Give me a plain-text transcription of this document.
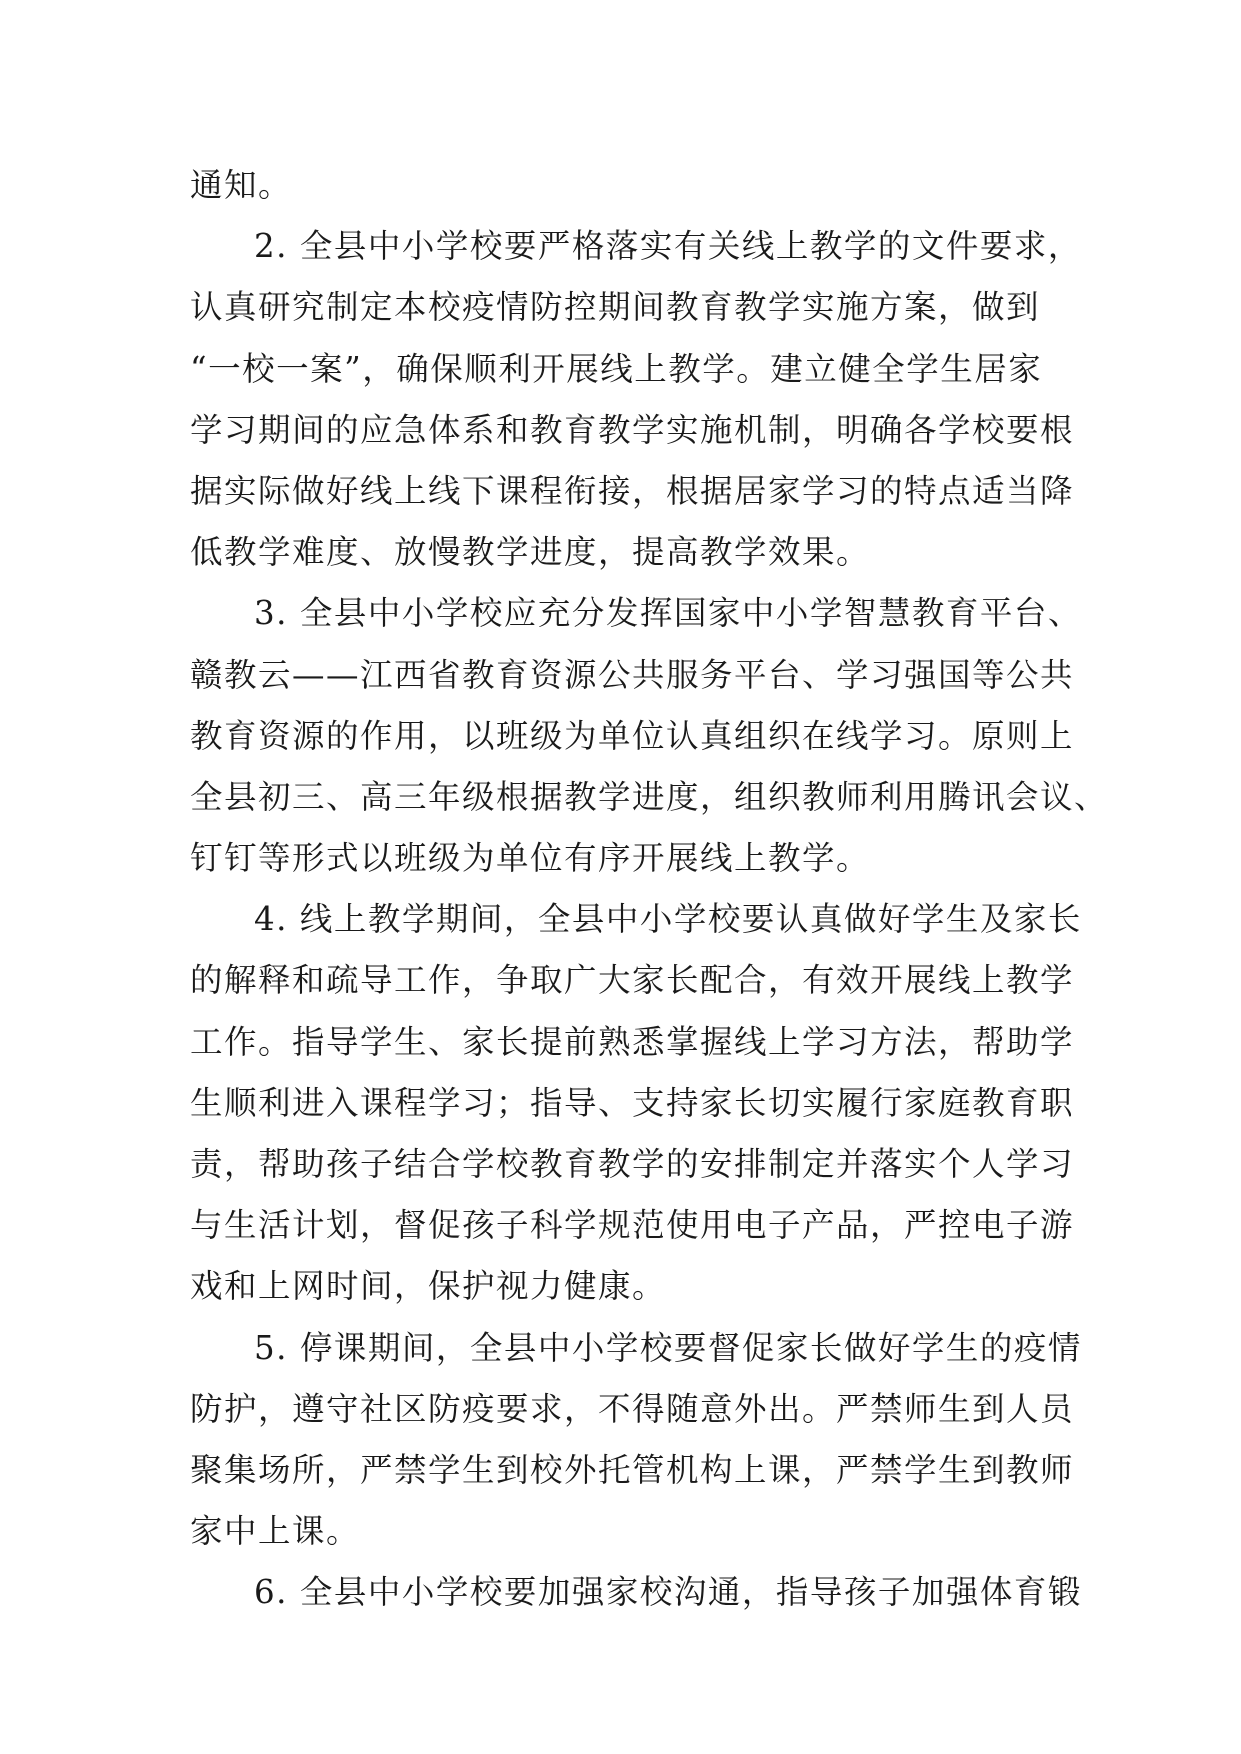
通知。
2. 全县中小学校要严格落实有关线上教学的文件要求，
认真研究制定本校疫情防控期间教育教学实施方案，做到
“一校一案”，确保顺利开展线上教学。建立健全学生居家
学习期间的应急体系和教育教学实施机制，明确各学校要根
据实际做好线上线下课程衔接，根据居家学习的特点适当降
低教学难度、放慢教学进度，提高教学效果。
3. 全县中小学校应充分发挥国家中小学智慧教育平台、
赣教云——江西省教育资源公共服务平台、学习强国等公共
教育资源的作用，以班级为单位认真组织在线学习。原则上
全县初三、高三年级根据教学进度，组织教师利用腾讯会议、
钉钉等形式以班级为单位有序开展线上教学。
4. 线上教学期间，全县中小学校要认真做好学生及家长
的解释和疏导工作，争取广大家长配合，有效开展线上教学
工作。指导学生、家长提前熟悉掌握线上学习方法，帮助学
生顺利进入课程学习；指导、支持家长切实履行家庭教育职
责，帮助孩子结合学校教育教学的安排制定并落实个人学习
与生活计划，督促孩子科学规范使用电子产品，严控电子游
戏和上网时间，保护视力健康。
5. 停课期间，全县中小学校要督促家长做好学生的疫情
防护，遵守社区防疫要求，不得随意外出。严禁师生到人员
聚集场所，严禁学生到校外托管机构上课，严禁学生到教师
家中上课。
6. 全县中小学校要加强家校沟通，指导孩子加强体育锻
